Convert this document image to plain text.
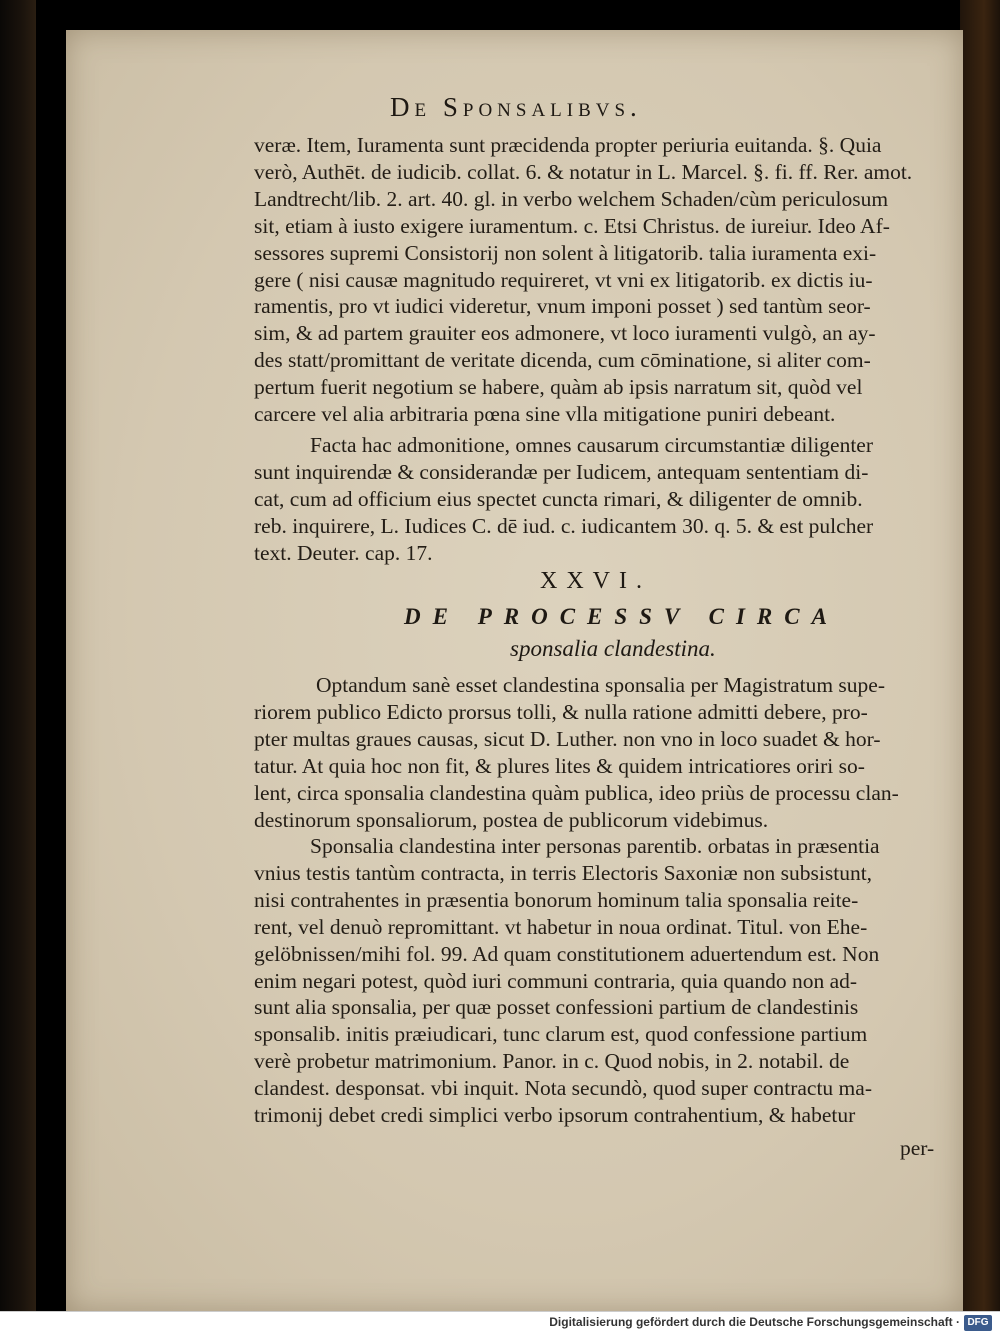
De Sponsalibvs.
veræ. Item, Iuramenta sunt præcidenda propter periuria euitanda. §. Quia
verò, Authēt. de iudicib. collat. 6. & notatur in L. Marcel. §. fi. ff. Rer. amot.
Landtrecht/lib. 2. art. 40. gl. in verbo welchem Schaden/cùm periculosum
sit, etiam à iusto exigere iuramentum. c. Etsi Christus. de iureiur. Ideo Af-
sessores supremi Consistorij non solent à litigatorib. talia iuramenta exi-
gere ( nisi causæ magnitudo requireret, vt vni ex litigatorib. ex dictis iu-
ramentis, pro vt iudici videretur, vnum imponi posset ) sed tantùm seor-
sim, & ad partem grauiter eos admonere, vt loco iuramenti vulgò, an ay-
des statt/promittant de veritate dicenda, cum cōminatione, si aliter com-
pertum fuerit negotium se habere, quàm ab ipsis narratum sit, quòd vel
carcere vel alia arbitraria pœna sine vlla mitigatione puniri debeant.
Facta hac admonitione, omnes causarum circumstantiæ diligenter
sunt inquirendæ & considerandæ per Iudicem, antequam sententiam di-
cat, cum ad officium eius spectet cuncta rimari, & diligenter de omnib.
reb. inquirere, L. Iudices C. dē iud. c. iudicantem 30. q. 5. & est pulcher
text. Deuter. cap. 17.
Optandum sanè esset clandestina sponsalia per Magistratum supe-
riorem publico Edicto prorsus tolli, & nulla ratione admitti debere, pro-
pter multas graues causas, sicut D. Luther. non vno in loco suadet & hor-
tatur. At quia hoc non fit, & plures lites & quidem intricatiores oriri so-
lent, circa sponsalia clandestina quàm publica, ideo priùs de processu clan-
destinorum sponsaliorum, postea de publicorum videbimus.
Sponsalia clandestina inter personas parentib. orbatas in præsentia
vnius testis tantùm contracta, in terris Electoris Saxoniæ non subsistunt,
nisi contrahentes in præsentia bonorum hominum talia sponsalia reite-
rent, vel denuò repromittant. vt habetur in noua ordinat. Titul. von Ehe-
gelöbnissen/mihi fol. 99. Ad quam constitutionem aduertendum est. Non
enim negari potest, quòd iuri communi contraria, quia quando non ad-
sunt alia sponsalia, per quæ posset confessioni partium de clandestinis
sponsalib. initis præiudicari, tunc clarum est, quod confessione partium
verè probetur matrimonium. Panor. in c. Quod nobis, in 2. notabil. de
clandest. desponsat. vbi inquit. Nota secundò, quod super contractu ma-
trimonij debet credi simplici verbo ipsorum contrahentium, & habetur
XXVI.
DE PROCESSV CIRCA
sponsalia clandestina.
per-
Digitalisierung gefördert durch die Deutsche Forschungsgemeinschaft · DFG
